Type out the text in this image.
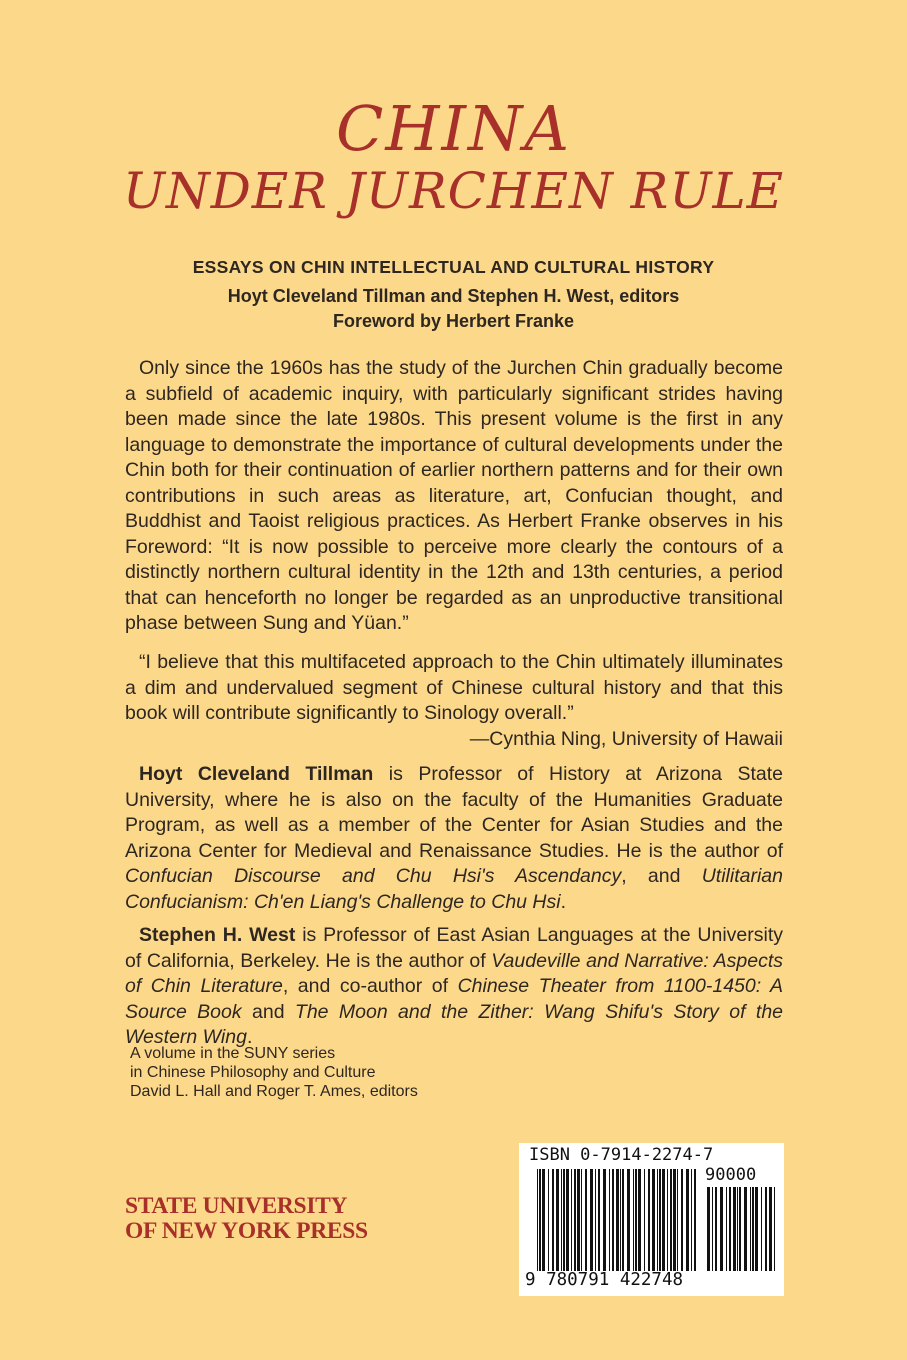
CHINA
UNDER JURCHEN RULE
ESSAYS ON CHIN INTELLECTUAL AND CULTURAL HISTORY
Hoyt Cleveland Tillman and Stephen H. West, editors
Foreword by Herbert Franke

Only since the 1960s has the study of the Jurchen Chin gradually become a subfield of academic inquiry, with particularly significant strides having been made since the late 1980s. This present volume is the first in any language to demonstrate the importance of cultural developments under the Chin both for their continuation of earlier northern patterns and for their own contributions in such areas as literature, art, Confucian thought, and Buddhist and Taoist religious practices. As Herbert Franke observes in his Foreword: “It is now possible to perceive more clearly the contours of a distinctly northern cultural identity in the 12th and 13th centuries, a period that can henceforth no longer be regarded as an unproductive transitional phase between Sung and Yüan.”

“I believe that this multifaceted approach to the Chin ultimately illuminates a dim and undervalued segment of Chinese cultural history and that this book will contribute significantly to Sinology overall.”

—Cynthia Ning, University of Hawaii

Hoyt Cleveland Tillman is Professor of History at Arizona State University, where he is also on the faculty of the Humanities Graduate Program, as well as a member of the Center for Asian Studies and the Arizona Center for Medieval and Renaissance Studies. He is the author of Confucian Discourse and Chu Hsi's Ascendancy, and Utilitarian Confucianism: Ch'en Liang's Challenge to Chu Hsi.

Stephen H. West is Professor of East Asian Languages at the University of California, Berkeley. He is the author of Vaudeville and Narrative: Aspects of Chin Literature, and co-author of Chinese Theater from 1100-1450: A Source Book and The Moon and the Zither: Wang Shifu's Story of the Western Wing.

A volume in the SUNY series
in Chinese Philosophy and Culture
David L. Hall and Roger T. Ames, editors
STATE UNIVERSITY
OF NEW YORK PRESS
ISBN 0-7914-2274-7
90000
9 780791 422748
